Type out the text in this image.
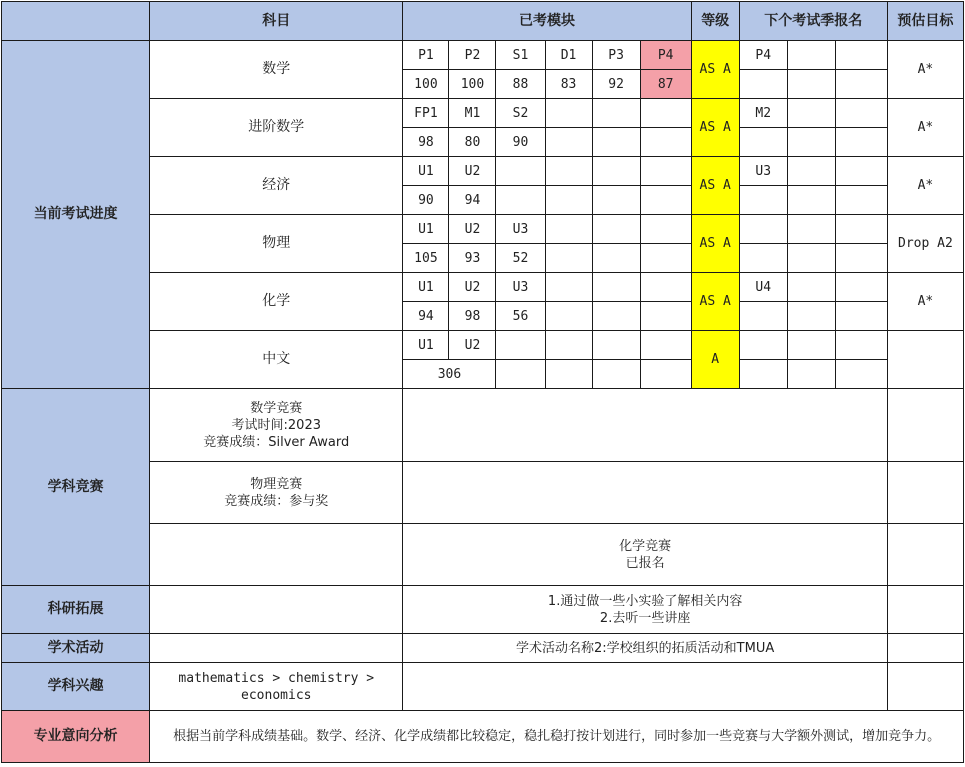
	科目	已考模块						等级	下个考试季报名			预估目标
当前考试进度	数学	P1	P2	S1	D1	P3	P4	AS A	P4			A*
		100	100	88	83	92	87					
	进阶数学	FP1	M1	S2				AS A	M2			A*
		98	80	90								
	经济	U1	U2					AS A	U3			A*
		90	94									
	物理	U1	U2	U3				AS A				Drop A2
		105	93	52								
	化学	U1	U2	U3				AS A	U4			A*
		94	98	56								
	中文	U1	U2					A				
		306										
学科竞赛	数学竞赛
考试时间:2023
竞赛成绩：Silver Award											

	物理竞赛
竞赛成绩：参与奖											

		化学竞赛
已报名										

科研拓展		1.通过做一些小实验了解相关内容
2.去听一些讲座										

学术活动		学术活动名称2:学校组织的拓质活动和TMUA										
学科兴趣	mathematics > chemistry >
economics											

专业意向分析	根据当前学科成绩基础。数学、经济、化学成绩都比较稳定，稳扎稳打按计划进行，同时参加一些竞赛与大学额外测试，增加竞争力。											
